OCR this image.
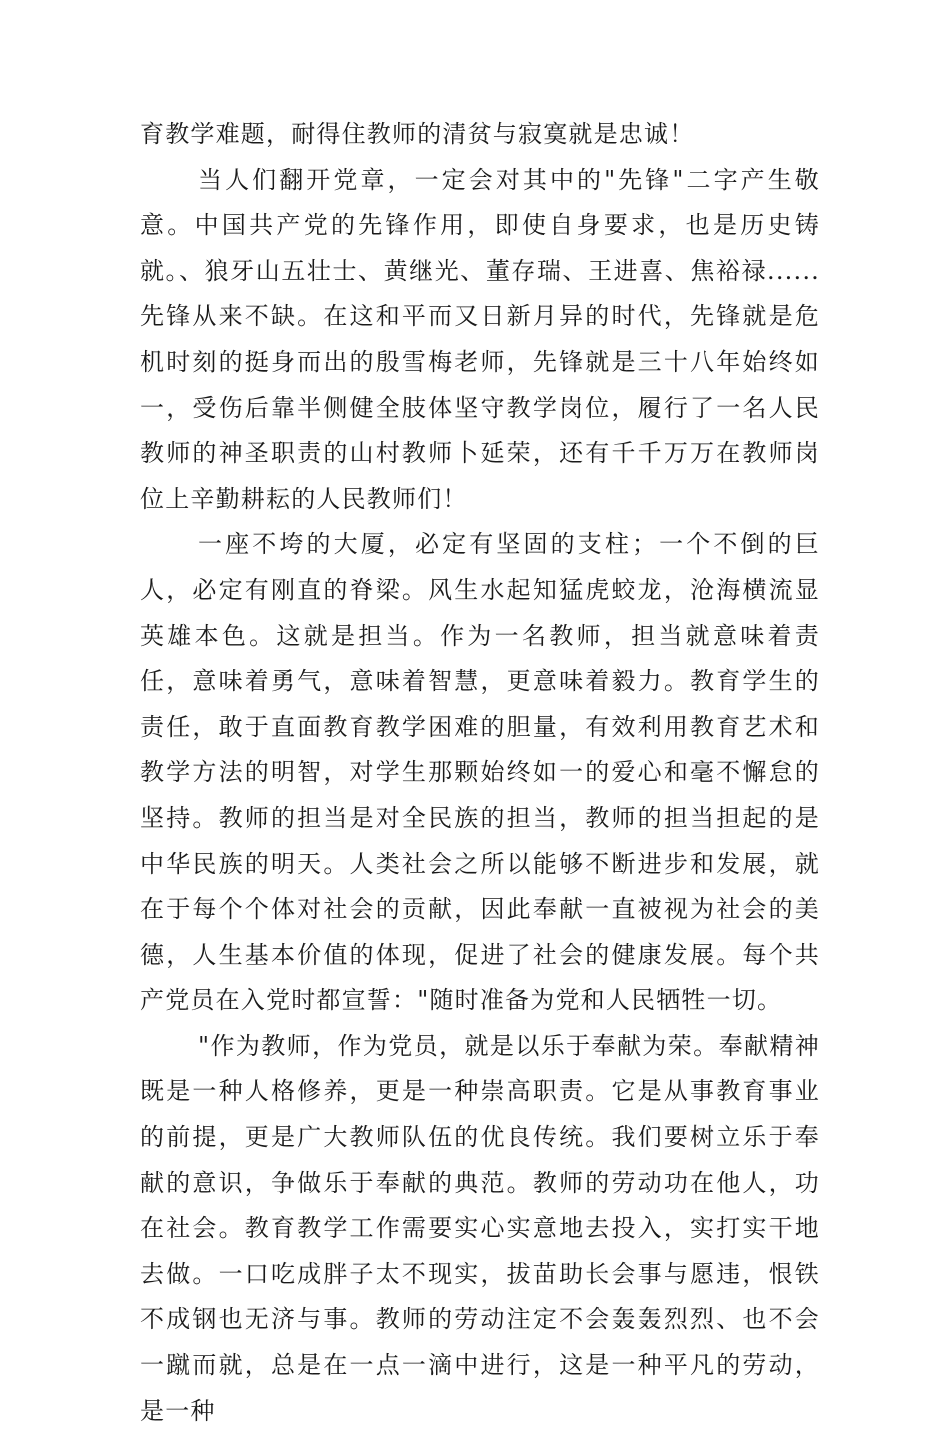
育教学难题，耐得住教师的清贫与寂寞就是忠诚！

当人们翻开党章，一定会对其中的"先锋"二字产生敬意。中国共产党的先锋作用，即使自身要求，也是历史铸就。、狼牙山五壮士、黄继光、董存瑞、王进喜、焦裕禄......先锋从来不缺。在这和平而又日新月异的时代，先锋就是危机时刻的挺身而出的殷雪梅老师，先锋就是三十八年始终如一，受伤后靠半侧健全肢体坚守教学岗位，履行了一名人民教师的神圣职责的山村教师卜延荣，还有千千万万在教师岗位上辛勤耕耘的人民教师们！

一座不垮的大厦，必定有坚固的支柱；一个不倒的巨人，必定有刚直的脊梁。风生水起知猛虎蛟龙，沧海横流显英雄本色。这就是担当。作为一名教师，担当就意味着责任，意味着勇气，意味着智慧，更意味着毅力。教育学生的责任，敢于直面教育教学困难的胆量，有效利用教育艺术和教学方法的明智，对学生那颗始终如一的爱心和毫不懈怠的坚持。教师的担当是对全民族的担当，教师的担当担起的是中华民族的明天。人类社会之所以能够不断进步和发展，就在于每个个体对社会的贡献，因此奉献一直被视为社会的美德，人生基本价值的体现，促进了社会的健康发展。每个共产党员在入党时都宣誓："随时准备为党和人民牺牲一切。

"作为教师，作为党员，就是以乐于奉献为荣。奉献精神既是一种人格修养，更是一种崇高职责。它是从事教育事业的前提，更是广大教师队伍的优良传统。我们要树立乐于奉献的意识，争做乐于奉献的典范。教师的劳动功在他人，功在社会。教育教学工作需要实心实意地去投入，实打实干地去做。一口吃成胖子太不现实，拔苗助长会事与愿违，恨铁不成钢也无济与事。教师的劳动注定不会轰轰烈烈、也不会一蹴而就，总是在一点一滴中进行，这是一种平凡的劳动，是一种
